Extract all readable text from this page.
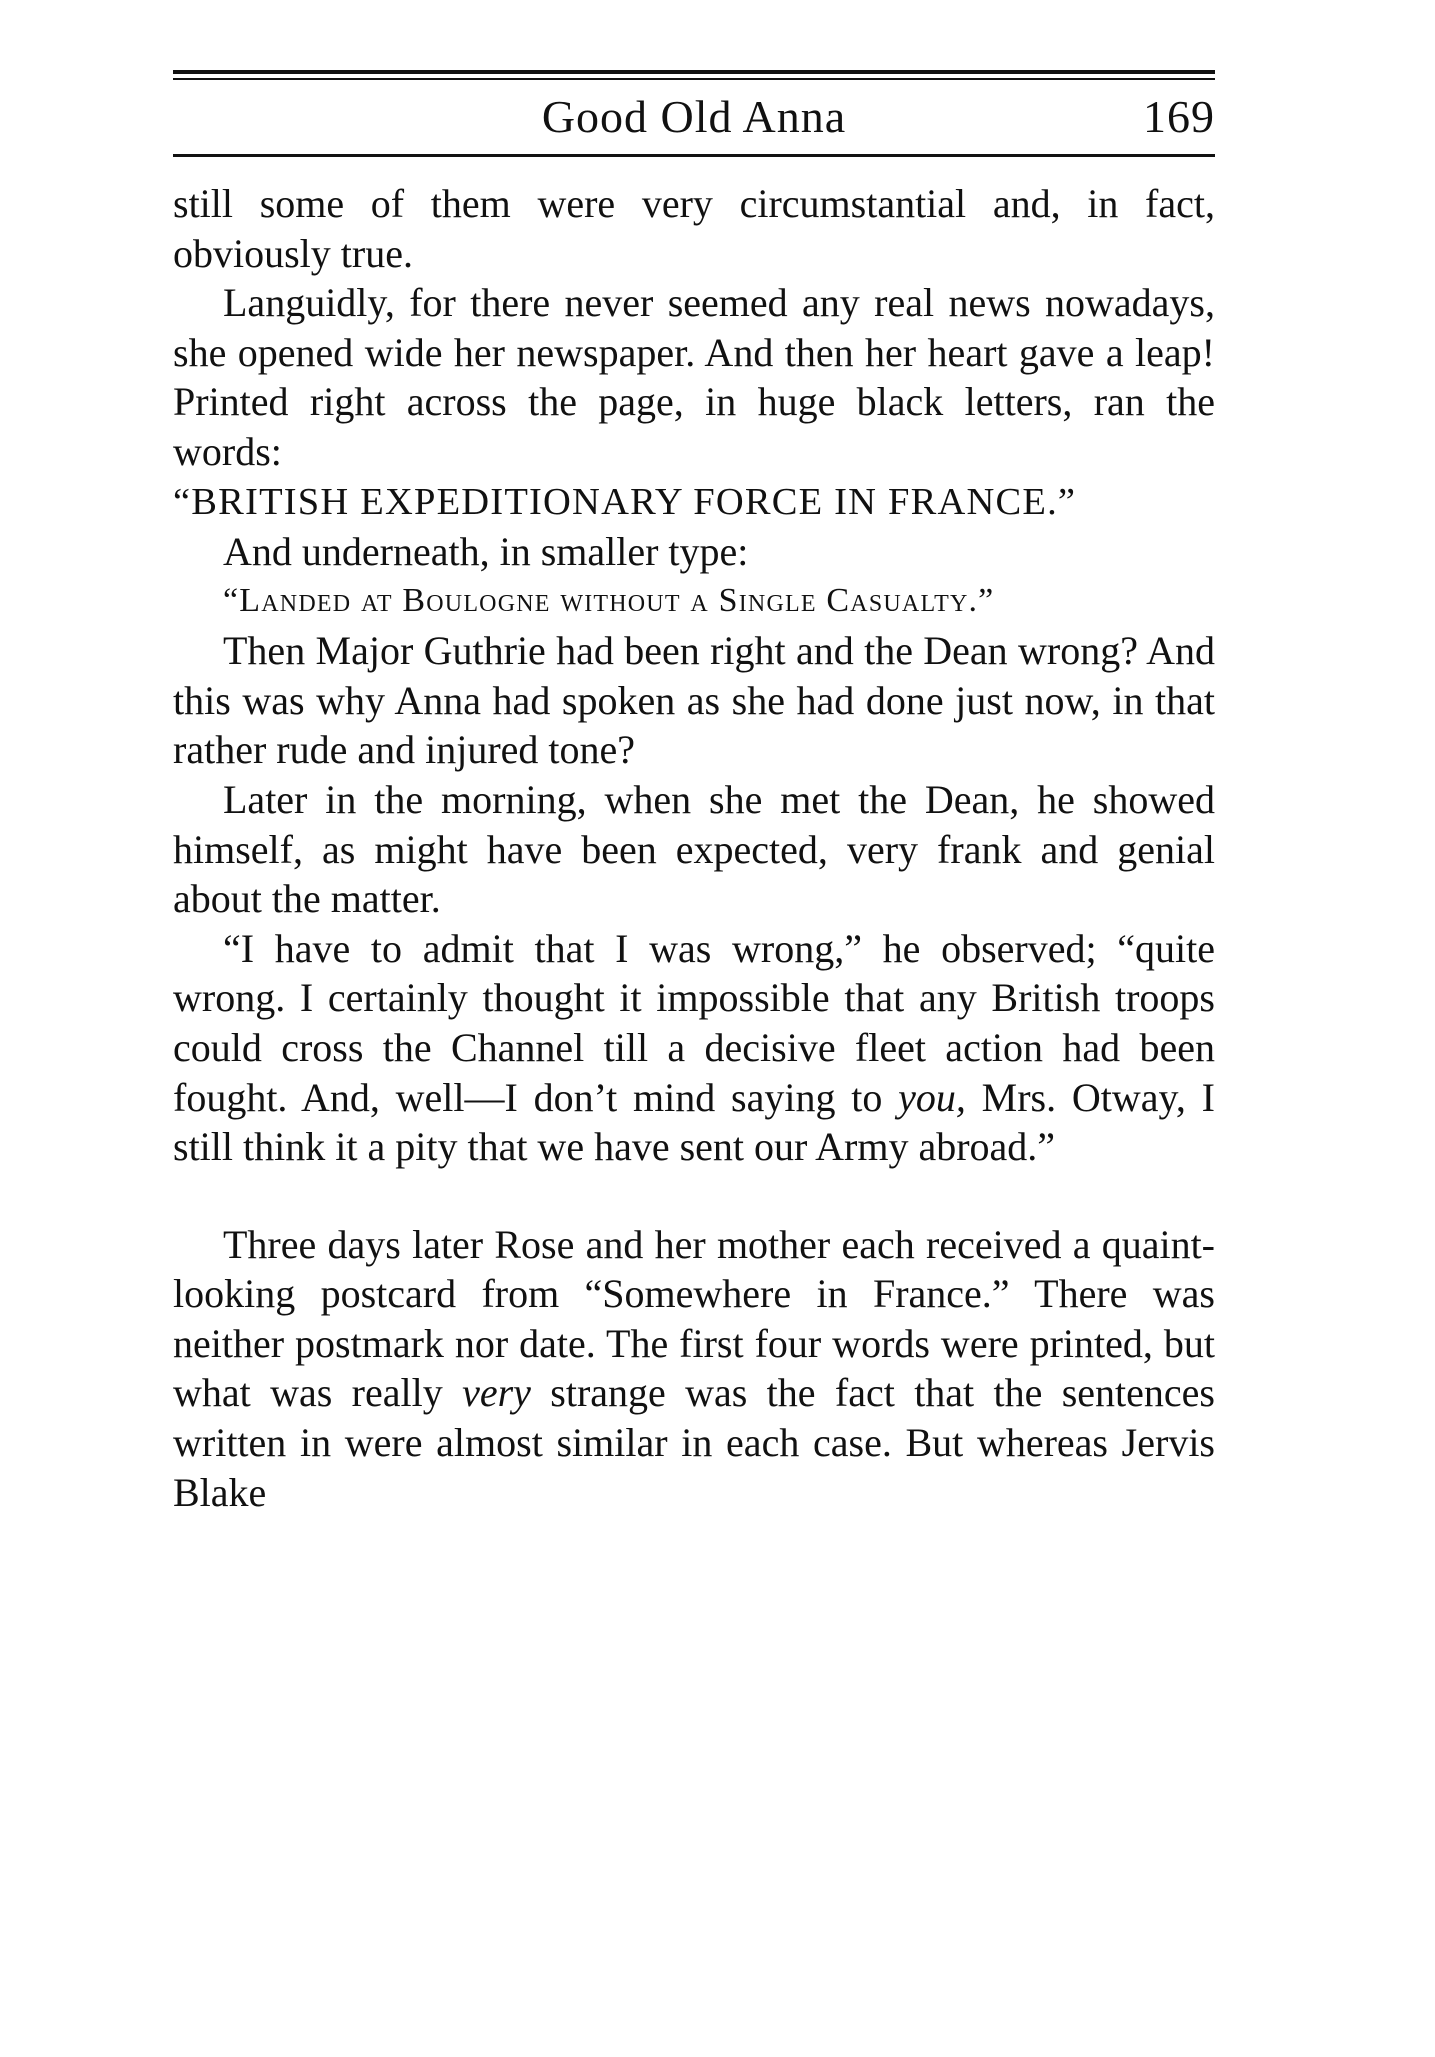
Good Old Anna	169

still some of them were very circumstantial and, in fact, obviously true.

Languidly, for there never seemed any real news nowadays, she opened wide her newspaper. And then her heart gave a leap! Printed right across the page, in huge black letters, ran the words:

“BRITISH EXPEDITIONARY FORCE IN FRANCE.”

And underneath, in smaller type:

“Landed at Boulogne without a Single Casualty.”

Then Major Guthrie had been right and the Dean wrong? And this was why Anna had spoken as she had done just now, in that rather rude and injured tone?

Later in the morning, when she met the Dean, he showed himself, as might have been expected, very frank and genial about the matter.

“I have to admit that I was wrong,” he observed; “quite wrong. I certainly thought it impossible that any British troops could cross the Channel till a decisive fleet action had been fought. And, well—I don’t mind saying to you, Mrs. Otway, I still think it a pity that we have sent our Army abroad.”

Three days later Rose and her mother each received a quaint-looking postcard from “Somewhere in France.” There was neither postmark nor date. The first four words were printed, but what was really very strange was the fact that the sentences written in were almost similar in each case. But whereas Jervis Blake
